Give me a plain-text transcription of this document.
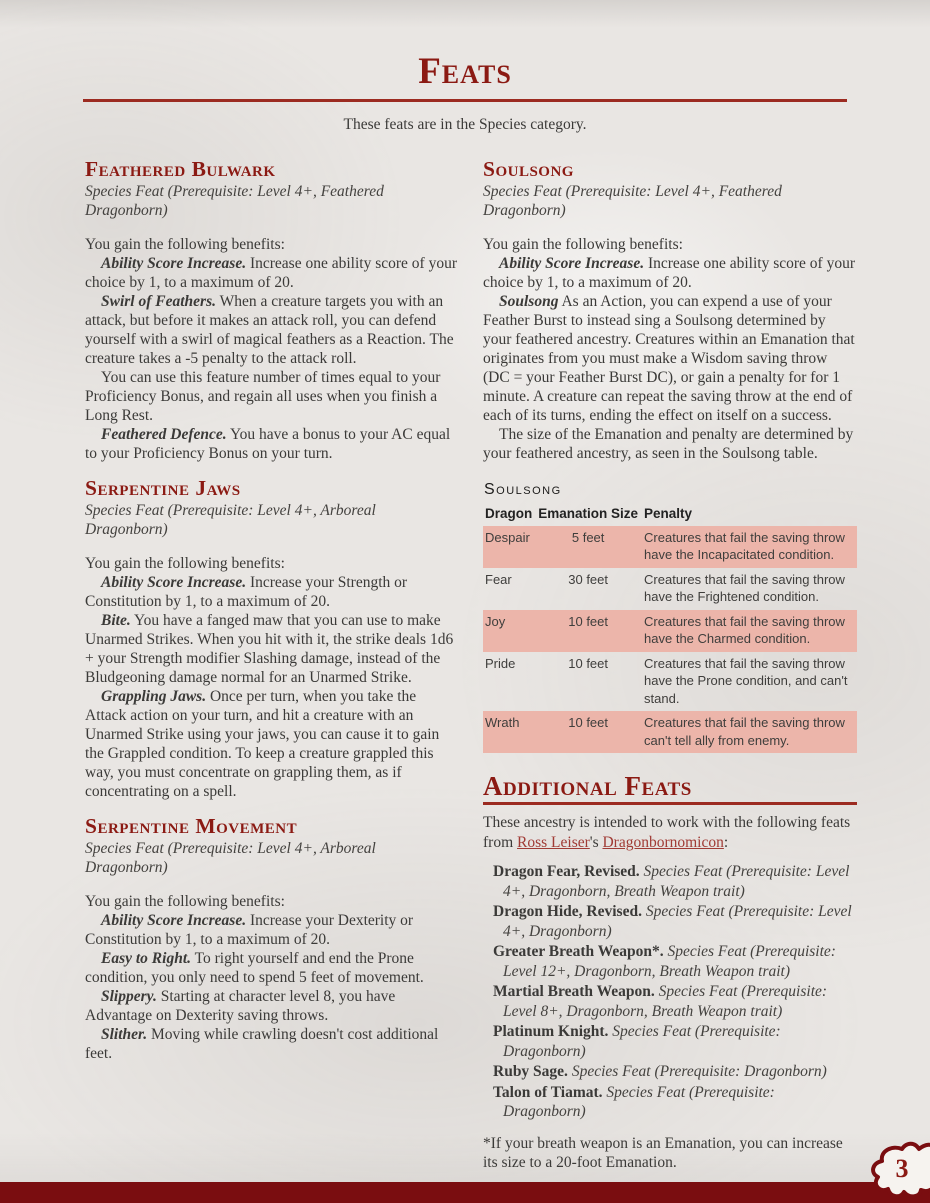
Feats

These feats are in the Species category.

Feathered Bulwark

Species Feat (Prerequisite: Level 4+, Feathered Dragonborn)

You gain the following benefits:

Ability Score Increase. Increase one ability score of your choice by 1, to a maximum of 20.

Swirl of Feathers. When a creature targets you with an attack, but before it makes an attack roll, you can defend yourself with a swirl of magical feathers as a Reaction. The creature takes a -5 penalty to the attack roll.

You can use this feature number of times equal to your Proficiency Bonus, and regain all uses when you finish a Long Rest.

Feathered Defence. You have a bonus to your AC equal to your Proficiency Bonus on your turn.

Serpentine Jaws

Species Feat (Prerequisite: Level 4+, Arboreal Dragonborn)

You gain the following benefits:

Ability Score Increase. Increase your Strength or Constitution by 1, to a maximum of 20.

Bite. You have a fanged maw that you can use to make Unarmed Strikes. When you hit with it, the strike deals 1d6 + your Strength modifier Slashing damage, instead of the Bludgeoning damage normal for an Unarmed Strike.

Grappling Jaws. Once per turn, when you take the Attack action on your turn, and hit a creature with an Unarmed Strike using your jaws, you can cause it to gain the Grappled condition. To keep a creature grappled this way, you must concentrate on grappling them, as if concentrating on a spell.

Serpentine Movement

Species Feat (Prerequisite: Level 4+, Arboreal Dragonborn)

You gain the following benefits:

Ability Score Increase. Increase your Dexterity or Constitution by 1, to a maximum of 20.

Easy to Right. To right yourself and end the Prone condition, you only need to spend 5 feet of movement.

Slippery. Starting at character level 8, you have Advantage on Dexterity saving throws.

Slither. Moving while crawling doesn't cost additional feet.

Soulsong

Species Feat (Prerequisite: Level 4+, Feathered Dragonborn)

You gain the following benefits:

Ability Score Increase. Increase one ability score of your choice by 1, to a maximum of 20.

Soulsong As an Action, you can expend a use of your Feather Burst to instead sing a Soulsong determined by your feathered ancestry. Creatures within an Emanation that originates from you must make a Wisdom saving throw (DC = your Feather Burst DC), or gain a penalty for for 1 minute. A creature can repeat the saving throw at the end of each of its turns, ending the effect on itself on a success.

The size of the Emanation and penalty are determined by your feathered ancestry, as seen in the Soulsong table.

Soulsong
Dragon	Emanation Size	Penalty
Despair	5 feet	Creatures that fail the saving throw have the Incapacitated condition.
Fear	30 feet	Creatures that fail the saving throw have the Frightened condition.
Joy	10 feet	Creatures that fail the saving throw have the Charmed condition.
Pride	10 feet	Creatures that fail the saving throw have the Prone condition, and can't stand.
Wrath	10 feet	Creatures that fail the saving throw can't tell ally from enemy.
Additional Feats

These ancestry is intended to work with the following feats from Ross Leiser's Dragonbornomicon:

Dragon Fear, Revised. Species Feat (Prerequisite: Level 4+, Dragonborn, Breath Weapon trait)
Dragon Hide, Revised. Species Feat (Prerequisite: Level 4+, Dragonborn)
Greater Breath Weapon*. Species Feat (Prerequisite: Level 12+, Dragonborn, Breath Weapon trait)
Martial Breath Weapon. Species Feat (Prerequisite: Level 8+, Dragonborn, Breath Weapon trait)
Platinum Knight. Species Feat (Prerequisite: Dragonborn)
Ruby Sage. Species Feat (Prerequisite: Dragonborn)
Talon of Tiamat. Species Feat (Prerequisite: Dragonborn)

*If your breath weapon is an Emanation, you can increase its size to a 20-foot Emanation.	3
